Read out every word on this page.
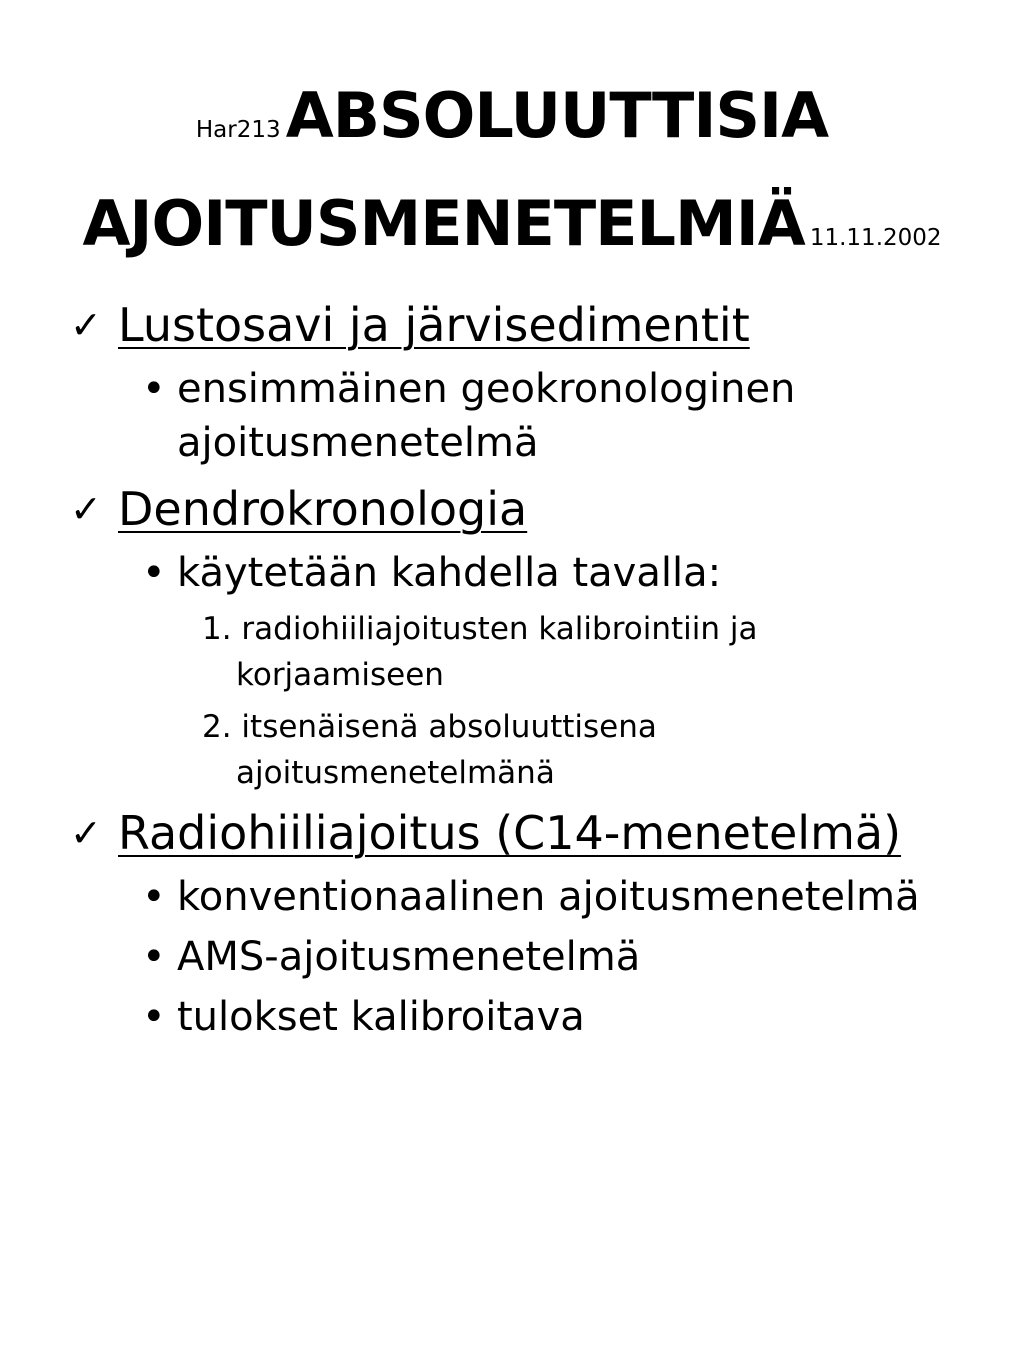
Har213 ABSOLUUTTISIA
AJOITUSMENETELMIÄ 11.11.2002
✓ Lustosavi ja järvisedimentit
• ensimmäinen geokronologinen ajoitusmenetelmä
✓ Dendrokronologia
• käytetään kahdella tavalla:
1. radiohiiliajoitusten kalibrointiin ja korjaamiseen
2. itsenäisenä absoluuttisena ajoitusmenetelmänä
✓ Radiohiiliajoitus (C14-menetelmä)
• konventionaalinen ajoitusmenetelmä
• AMS-ajoitusmenetelmä
• tulokset kalibroitava
